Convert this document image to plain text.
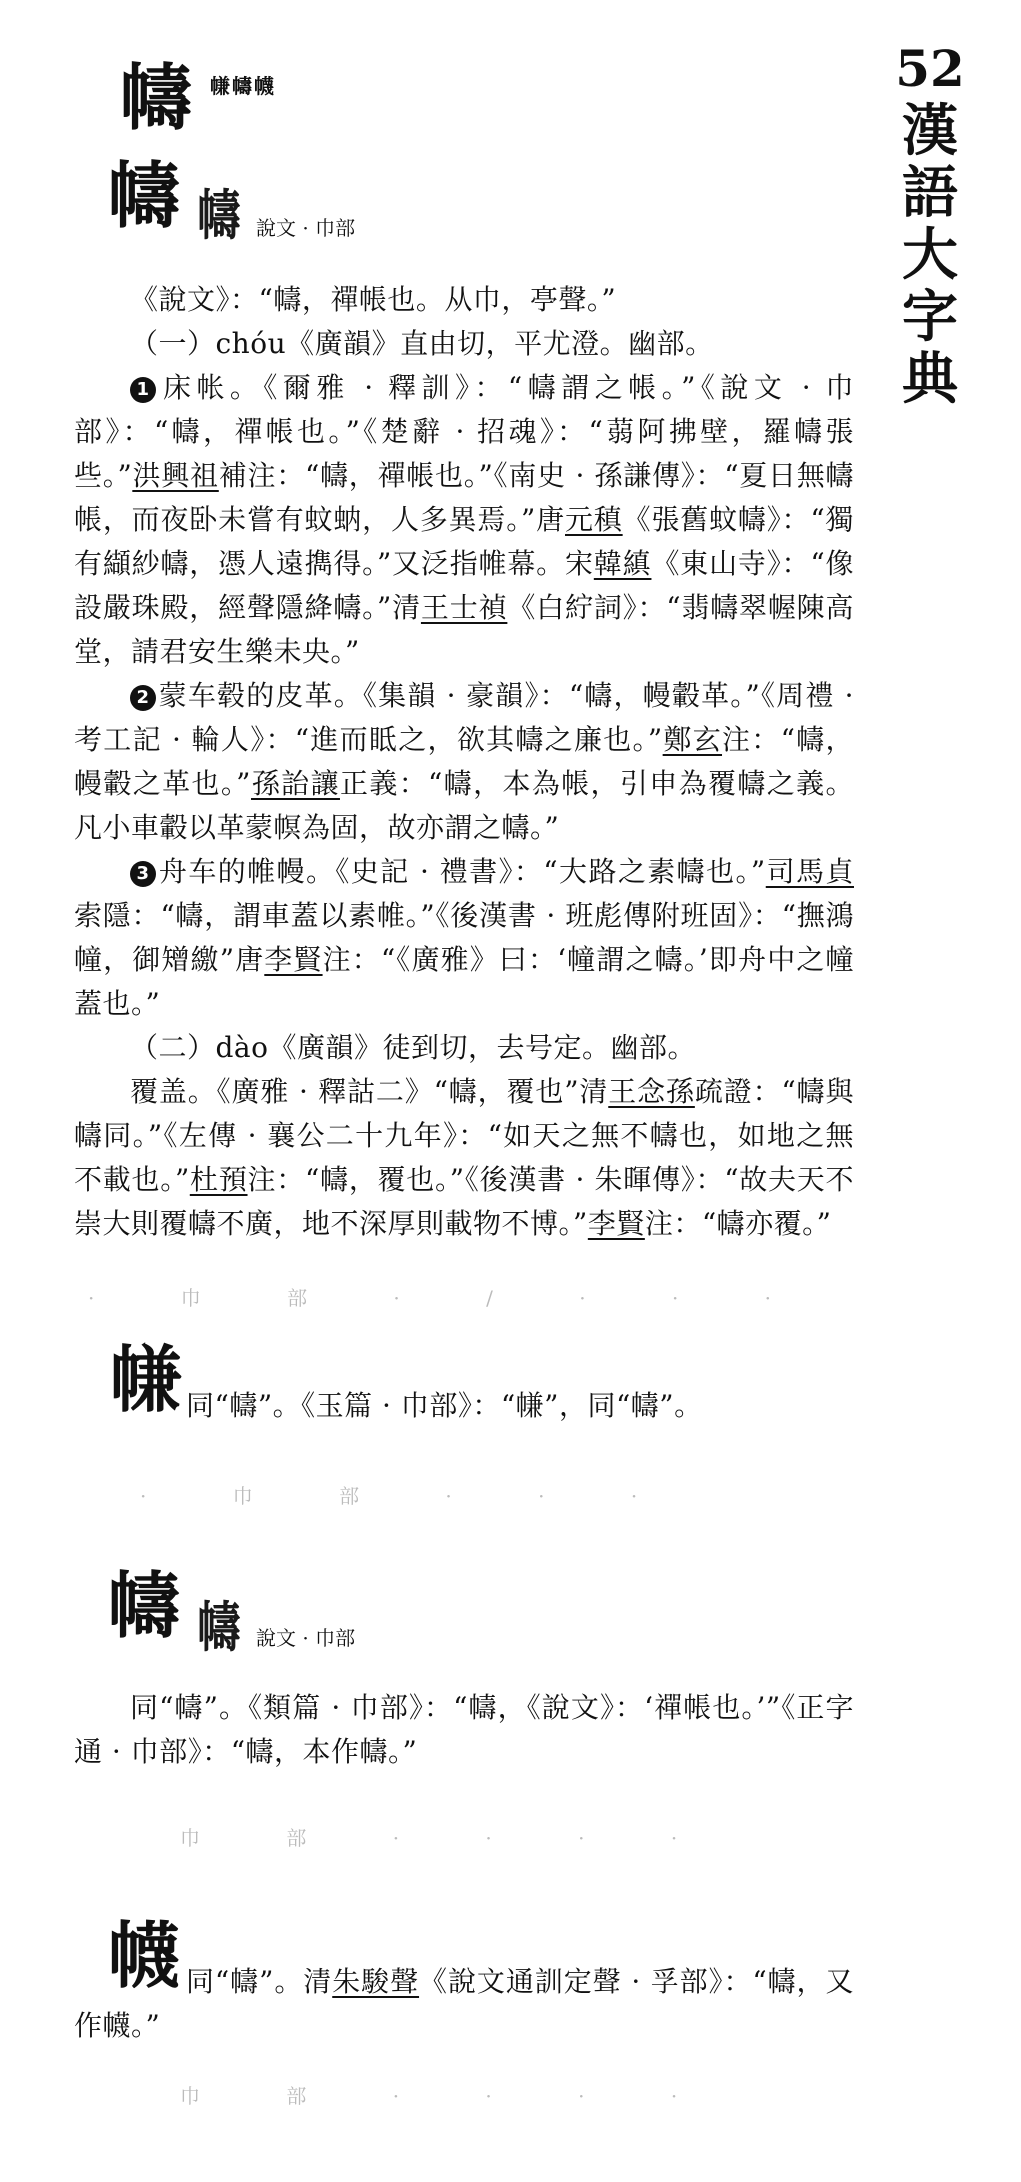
52
漢
語
大
字
典
幬 㡘幬幭
幬 幬 說文 · 巾部

《說文》：“幬，禪帳也。从巾，𠅘聲。”

（一）chóu《廣韻》直由切，平尤澄。幽部。

1 床帐。《爾雅 · 釋訓》：“幬謂之帳。”《說文 · 巾部》：“幬，禪帳也。”《楚辭 · 招魂》：“蒻阿拂壁，羅幬張些。”洪興祖補注：“幬，禪帳也。”《南史 · 孫謙傳》：“夏日無幬帳，而夜卧未嘗有蚊蚋，人多異焉。”唐元稹《張舊蚊幬》：“獨有纈紗幬，憑人遠擕得。”又泛指帷幕。宋韓縝《東山寺》：“像設嚴珠殿，經聲隱絳幬。”清王士禎《白紵詞》：“翡幬翠幄陳高堂，請君安生樂未央。”

2 蒙车毂的皮革。《集韻 · 豪韻》：“幬，幔轂革。”《周禮 · 考工記 · 輪人》：“進而眡之，欲其幬之廉也。”鄭玄注：“幬，幔轂之革也。”孫詒讓正義：“幬，本為帳，引申為覆幬之義。凡小車轂以革蒙幎為固，故亦謂之幬。”

3 舟车的帷幔。《史記 · 禮書》：“大路之素幬也。”司馬貞索隱：“幬，謂車蓋以素帷。”《後漢書 · 班彪傳附班固》：“撫鴻幢，御矰繳”唐李賢注：“《廣雅》曰：‘幢謂之幬。’即舟中之幢蓋也。”

（二）dào《廣韻》徒到切，去号定。幽部。

覆盖。《廣雅 · 釋詁二》“幬，覆也”清王念孫疏證：“幬與幬同。”《左傳 · 襄公二十九年》：“如天之無不幬也，如地之無不載也。”杜預注：“幬，覆也。”《後漢書 · 朱暉傳》：“故夫天不崇大則覆幬不廣，地不深厚則載物不博。”李賢注：“幬亦覆。”

· 巾 部 · / · · ·
㡘 同“幬”。《玉篇 · 巾部》：“㡘”，同“幬”。
· 巾 部 · · ·
幬 幬 說文 · 巾部
同“幬”。《類篇 · 巾部》：“幬，《說文》：‘禪帳也。’”《正字通 · 巾部》：“幬，本作幬。”
巾 部 · · · ·
幭 同“幬”。清朱駿聲《說文通訓定聲 · 孚部》：“幬，又作幭。”
巾 部 · · · ·
